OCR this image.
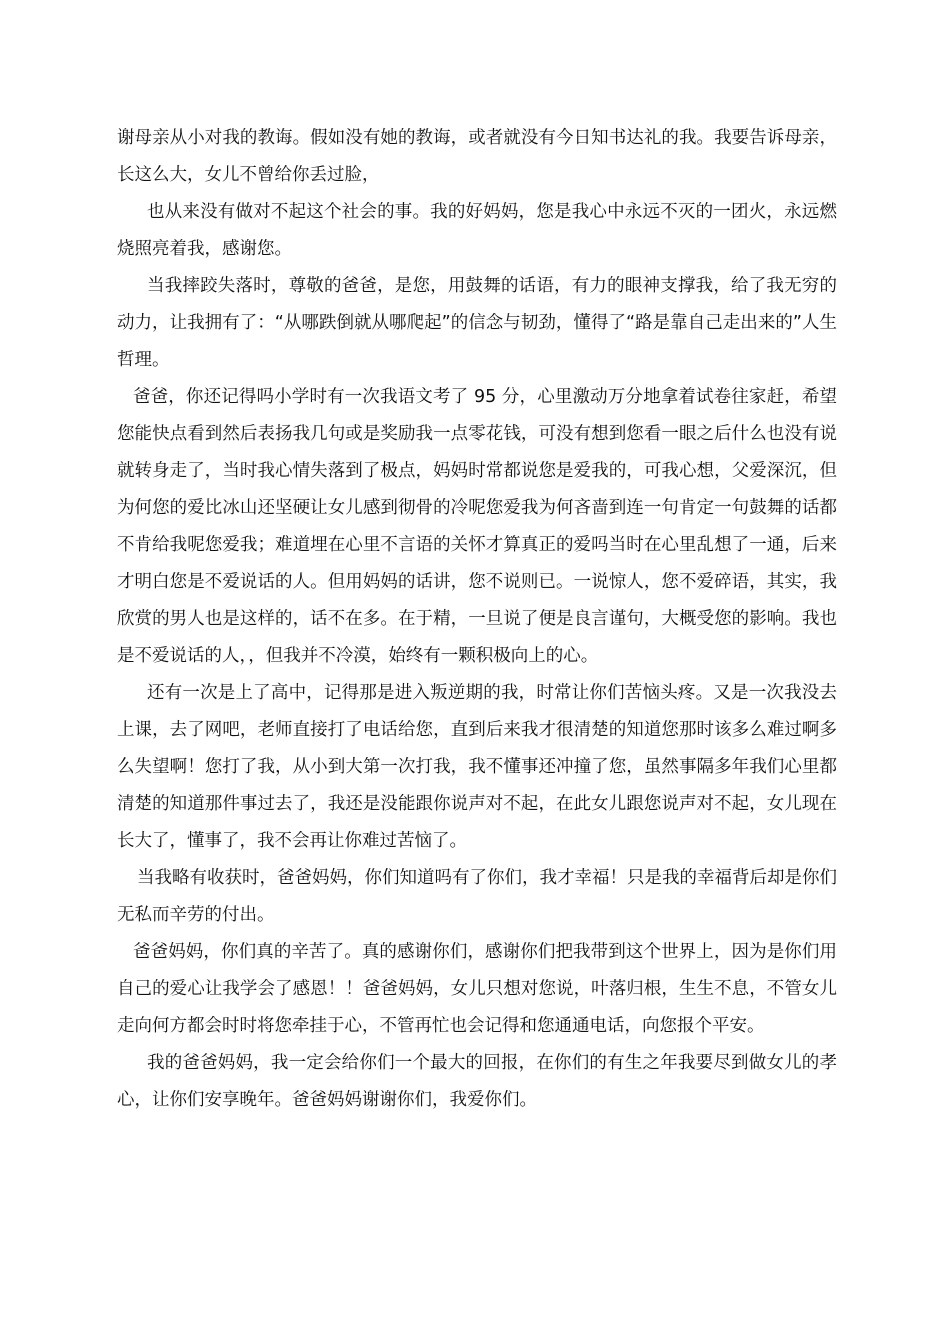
谢母亲从小对我的教诲。假如没有她的教诲，或者就没有今日知书达礼的我。我要告诉母亲，长这么大，女儿不曾给你丢过脸，

也从来没有做对不起这个社会的事。我的好妈妈，您是我心中永远不灭的一团火，永远燃烧照亮着我，感谢您。

当我摔跤失落时，尊敬的爸爸，是您，用鼓舞的话语，有力的眼神支撑我，给了我无穷的动力，让我拥有了：“从哪跌倒就从哪爬起”的信念与韧劲，懂得了“路是靠自己走出来的”人生哲理。

爸爸，你还记得吗小学时有一次我语文考了 95 分，心里激动万分地拿着试卷往家赶，希望您能快点看到然后表扬我几句或是奖励我一点零花钱，可没有想到您看一眼之后什么也没有说就转身走了，当时我心情失落到了极点，妈妈时常都说您是爱我的，可我心想，父爱深沉，但为何您的爱比冰山还坚硬让女儿感到彻骨的冷呢您爱我为何吝啬到连一句肯定一句鼓舞的话都不肯给我呢您爱我；难道埋在心里不言语的关怀才算真正的爱吗当时在心里乱想了一通，后来才明白您是不爱说话的人。但用妈妈的话讲，您不说则已。一说惊人，您不爱碎语，其实，我欣赏的男人也是这样的，话不在多。在于精，一旦说了便是良言谨句，大概受您的影响。我也是不爱说话的人，，但我并不冷漠，始终有一颗积极向上的心。

还有一次是上了高中，记得那是进入叛逆期的我，时常让你们苦恼头疼。又是一次我没去上课，去了网吧，老师直接打了电话给您，直到后来我才很清楚的知道您那时该多么难过啊多么失望啊！您打了我，从小到大第一次打我，我不懂事还冲撞了您，虽然事隔多年我们心里都清楚的知道那件事过去了，我还是没能跟你说声对不起，在此女儿跟您说声对不起，女儿现在长大了，懂事了，我不会再让你难过苦恼了。

当我略有收获时，爸爸妈妈，你们知道吗有了你们，我才幸福！只是我的幸福背后却是你们无私而辛劳的付出。

爸爸妈妈，你们真的辛苦了。真的感谢你们，感谢你们把我带到这个世界上，因为是你们用自己的爱心让我学会了感恩！！爸爸妈妈，女儿只想对您说，叶落归根，生生不息，不管女儿走向何方都会时时将您牵挂于心，不管再忙也会记得和您通通电话，向您报个平安。

我的爸爸妈妈，我一定会给你们一个最大的回报，在你们的有生之年我要尽到做女儿的孝心，让你们安享晚年。爸爸妈妈谢谢你们，我爱你们。
